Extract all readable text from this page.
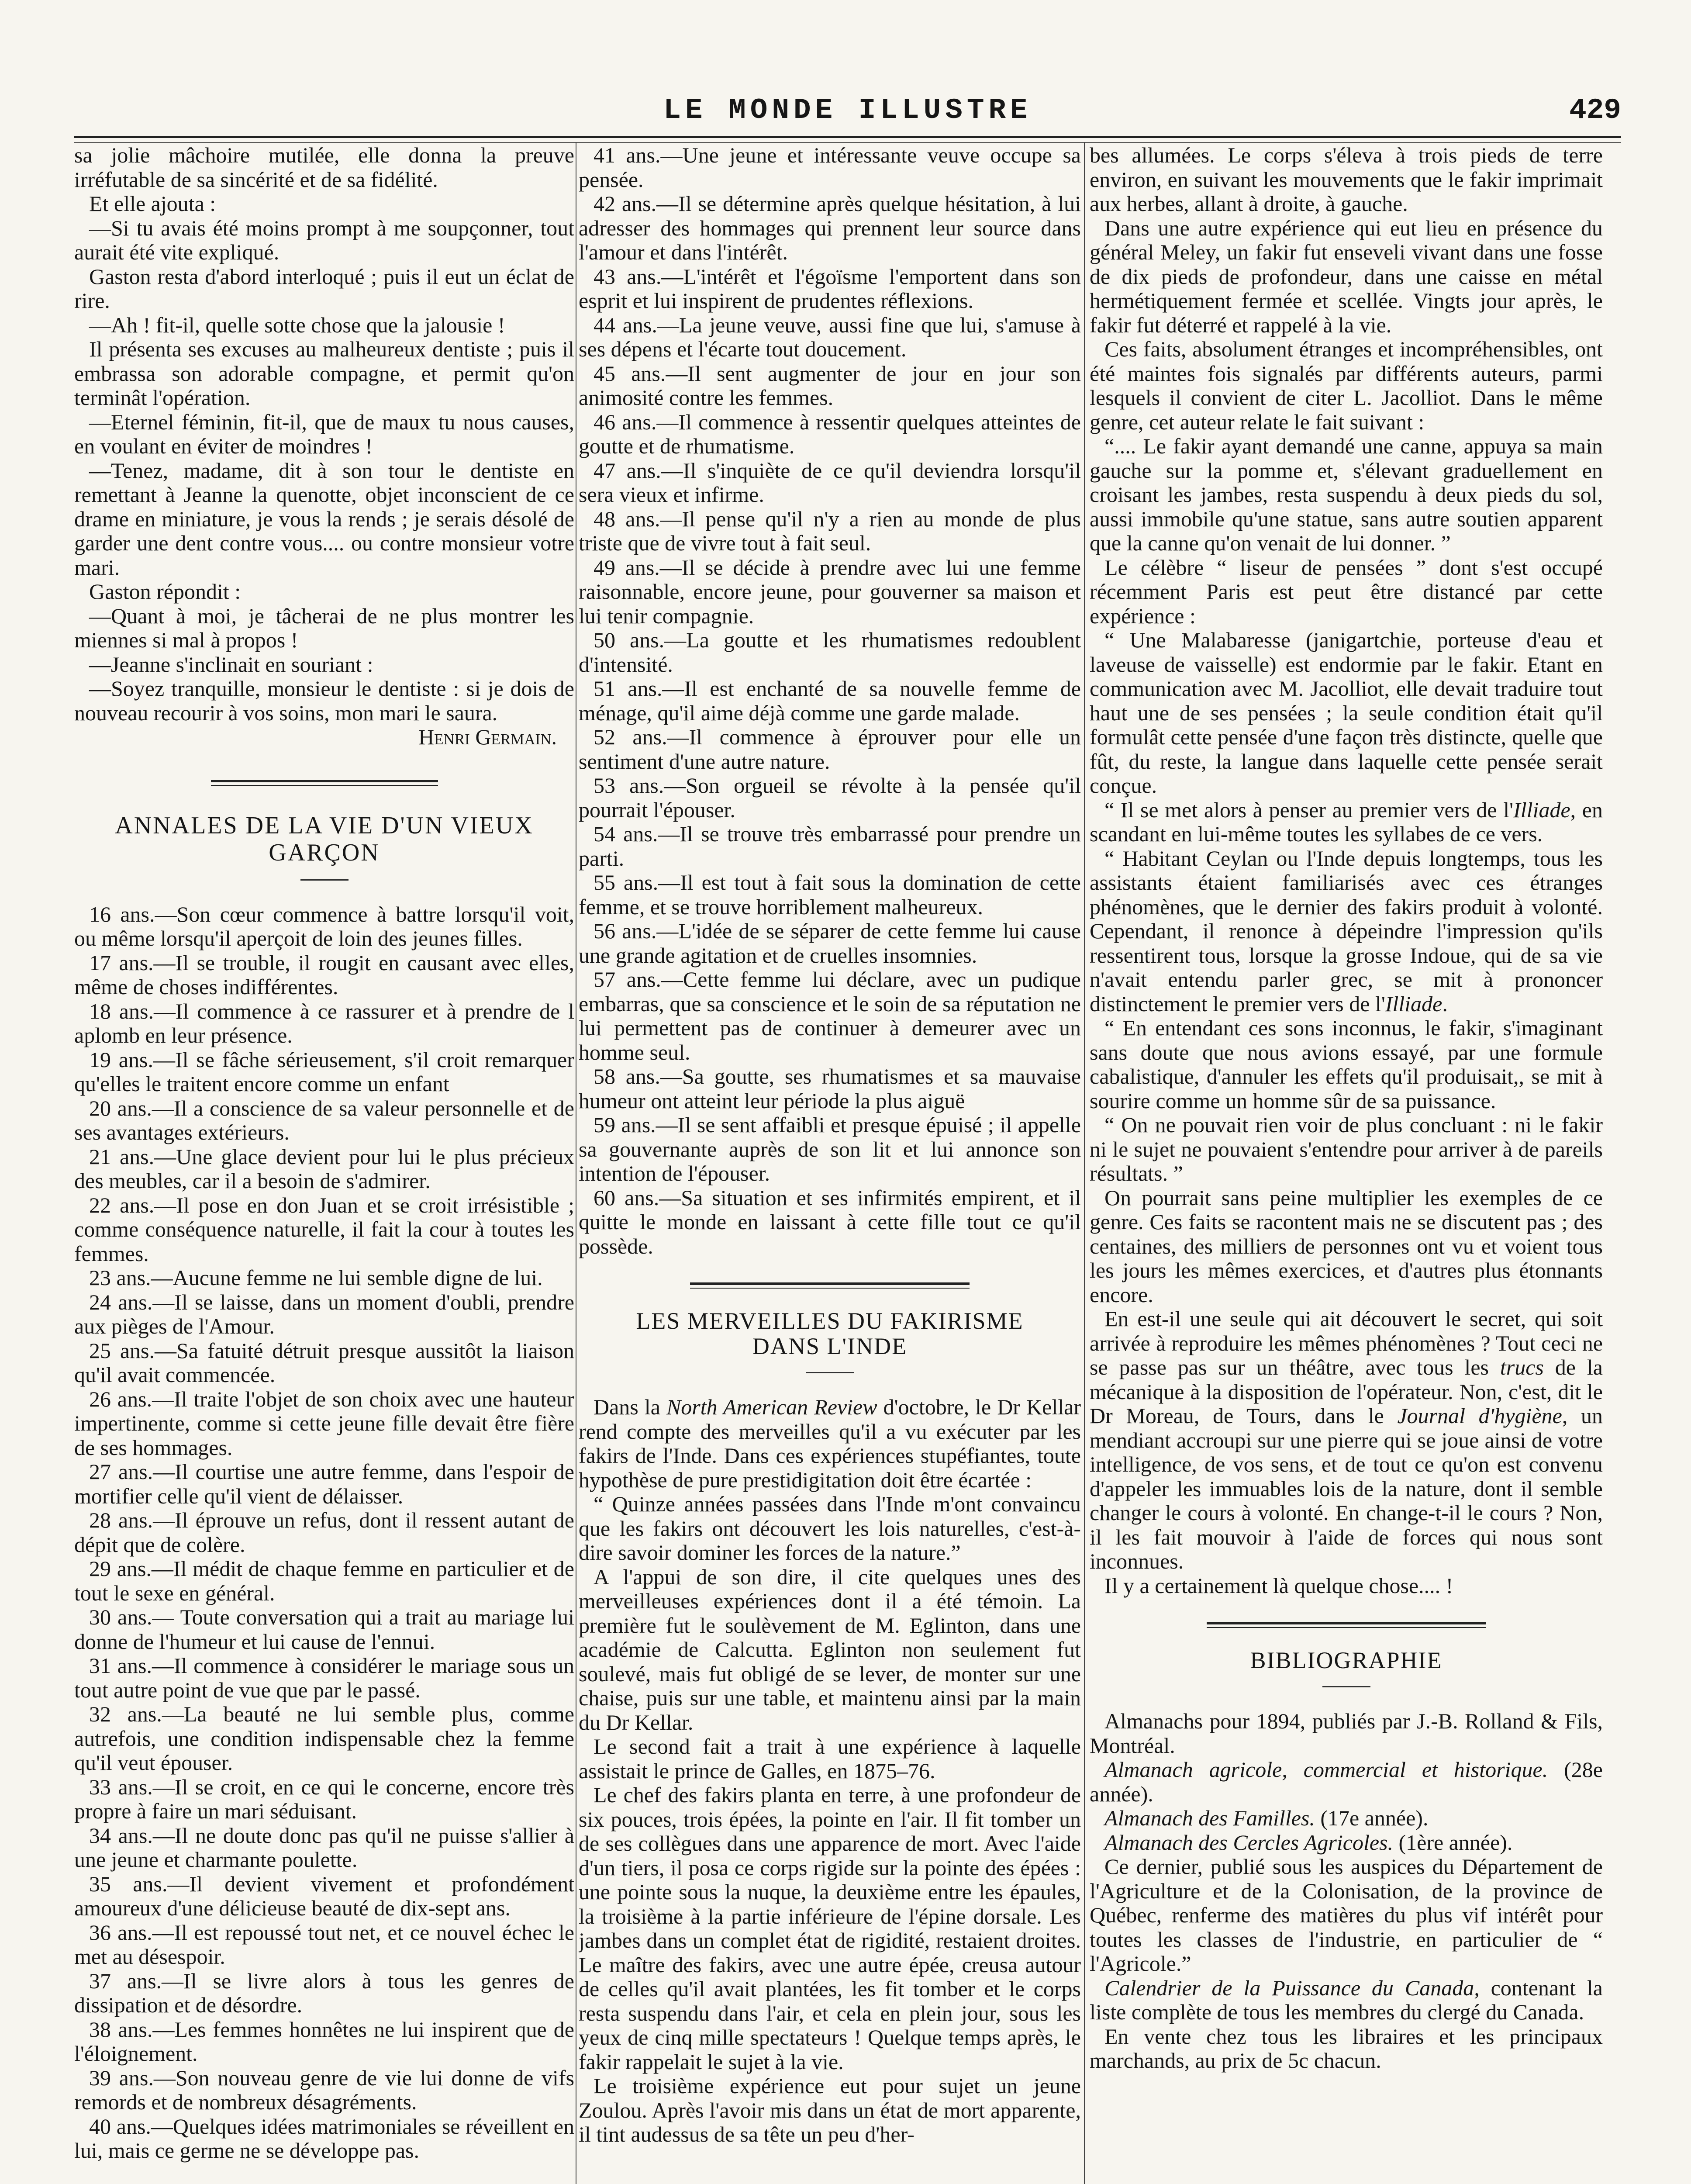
LE MONDE ILLUSTRE	429

sa jolie mâchoire mutilée, elle donna la preuve irréfutable de sa sincérité et de sa fidélité.

Et elle ajouta :

—Si tu avais été moins prompt à me soupçonner, tout aurait été vite expliqué.

Gaston resta d'abord interloqué ; puis il eut un éclat de rire.

—Ah ! fit-il, quelle sotte chose que la jalousie !

Il présenta ses excuses au malheureux dentiste ; puis il embrassa son adorable compagne, et permit qu'on terminât l'opération.

—Eternel féminin, fit-il, que de maux tu nous causes, en voulant en éviter de moindres !

—Tenez, madame, dit à son tour le dentiste en remettant à Jeanne la quenotte, objet inconscient de ce drame en miniature, je vous la rends ; je serais désolé de garder une dent contre vous.... ou contre monsieur votre mari.

Gaston répondit :

—Quant à moi, je tâcherai de ne plus montrer les miennes si mal à propos !

—Jeanne s'inclinait en souriant :

—Soyez tranquille, monsieur le dentiste : si je dois de nouveau recourir à vos soins, mon mari le saura.

Henri Germain.

ANNALES DE LA VIE D'UN VIEUX GARÇON

16 ans.—Son cœur commence à battre lorsqu'il voit, ou même lorsqu'il aperçoit de loin des jeunes filles.

17 ans.—Il se trouble, il rougit en causant avec elles, même de choses indifférentes.

18 ans.—Il commence à ce rassurer et à prendre de l aplomb en leur présence.

19 ans.—Il se fâche sérieusement, s'il croit remarquer qu'elles le traitent encore comme un enfant

20 ans.—Il a conscience de sa valeur personnelle et de ses avantages extérieurs.

21 ans.—Une glace devient pour lui le plus précieux des meubles, car il a besoin de s'admirer.

22 ans.—Il pose en don Juan et se croit irrésistible ; comme conséquence naturelle, il fait la cour à toutes les femmes.

23 ans.—Aucune femme ne lui semble digne de lui.

24 ans.—Il se laisse, dans un moment d'oubli, prendre aux pièges de l'Amour.

25 ans.—Sa fatuité détruit presque aussitôt la liaison qu'il avait commencée.

26 ans.—Il traite l'objet de son choix avec une hauteur impertinente, comme si cette jeune fille devait être fière de ses hommages.

27 ans.—Il courtise une autre femme, dans l'espoir de mortifier celle qu'il vient de délaisser.

28 ans.—Il éprouve un refus, dont il ressent autant de dépit que de colère.

29 ans.—Il médit de chaque femme en particulier et de tout le sexe en général.

30 ans.— Toute conversation qui a trait au mariage lui donne de l'humeur et lui cause de l'ennui.

31 ans.—Il commence à considérer le mariage sous un tout autre point de vue que par le passé.

32 ans.—La beauté ne lui semble plus, comme autrefois, une condition indispensable chez la femme qu'il veut épouser.

33 ans.—Il se croit, en ce qui le concerne, encore très propre à faire un mari séduisant.

34 ans.—Il ne doute donc pas qu'il ne puisse s'allier à une jeune et charmante poulette.

35 ans.—Il devient vivement et profondément amoureux d'une délicieuse beauté de dix-sept ans.

36 ans.—Il est repoussé tout net, et ce nouvel échec le met au désespoir.

37 ans.—Il se livre alors à tous les genres de dissipation et de désordre.

38 ans.—Les femmes honnêtes ne lui inspirent que de l'éloignement.

39 ans.—Son nouveau genre de vie lui donne de vifs remords et de nombreux désagréments.

40 ans.—Quelques idées matrimoniales se réveillent en lui, mais ce germe ne se développe pas.

41 ans.—Une jeune et intéressante veuve occupe sa pensée.

42 ans.—Il se détermine après quelque hésitation, à lui adresser des hommages qui prennent leur source dans l'amour et dans l'intérêt.

43 ans.—L'intérêt et l'égoïsme l'emportent dans son esprit et lui inspirent de prudentes réflexions.

44 ans.—La jeune veuve, aussi fine que lui, s'amuse à ses dépens et l'écarte tout doucement.

45 ans.—Il sent augmenter de jour en jour son animosité contre les femmes.

46 ans.—Il commence à ressentir quelques atteintes de goutte et de rhumatisme.

47 ans.—Il s'inquiète de ce qu'il deviendra lorsqu'il sera vieux et infirme.

48 ans.—Il pense qu'il n'y a rien au monde de plus triste que de vivre tout à fait seul.

49 ans.—Il se décide à prendre avec lui une femme raisonnable, encore jeune, pour gouverner sa maison et lui tenir compagnie.

50 ans.—La goutte et les rhumatismes redoublent d'intensité.

51 ans.—Il est enchanté de sa nouvelle femme de ménage, qu'il aime déjà comme une garde malade.

52 ans.—Il commence à éprouver pour elle un sentiment d'une autre nature.

53 ans.—Son orgueil se révolte à la pensée qu'il pourrait l'épouser.

54 ans.—Il se trouve très embarrassé pour prendre un parti.

55 ans.—Il est tout à fait sous la domination de cette femme, et se trouve horriblement malheureux.

56 ans.—L'idée de se séparer de cette femme lui cause une grande agitation et de cruelles insomnies.

57 ans.—Cette femme lui déclare, avec un pudique embarras, que sa conscience et le soin de sa réputation ne lui permettent pas de continuer à demeurer avec un homme seul.

58 ans.—Sa goutte, ses rhumatismes et sa mauvaise humeur ont atteint leur période la plus aiguë

59 ans.—Il se sent affaibli et presque épuisé ; il appelle sa gouvernante auprès de son lit et lui annonce son intention de l'épouser.

60 ans.—Sa situation et ses infirmités empirent, et il quitte le monde en laissant à cette fille tout ce qu'il possède.

LES MERVEILLES DU FAKIRISME
DANS L'INDE

Dans la North American Review d'octobre, le Dr Kellar rend compte des merveilles qu'il a vu exécuter par les fakirs de l'Inde. Dans ces expériences stupéfiantes, toute hypothèse de pure prestidigitation doit être écartée :

“ Quinze années passées dans l'Inde m'ont convaincu que les fakirs ont découvert les lois naturelles, c'est-à-dire savoir dominer les forces de la nature.”

A l'appui de son dire, il cite quelques unes des merveilleuses expériences dont il a été témoin. La première fut le soulèvement de M. Eglinton, dans une académie de Calcutta. Eglinton non seulement fut soulevé, mais fut obligé de se lever, de monter sur une chaise, puis sur une table, et maintenu ainsi par la main du Dr Kellar.

Le second fait a trait à une expérience à laquelle assistait le prince de Galles, en 1875–76.

Le chef des fakirs planta en terre, à une profondeur de six pouces, trois épées, la pointe en l'air. Il fit tomber un de ses collègues dans une apparence de mort. Avec l'aide d'un tiers, il posa ce corps rigide sur la pointe des épées : une pointe sous la nuque, la deuxième entre les épaules, la troisième à la partie inférieure de l'épine dorsale. Les jambes dans un complet état de rigidité, restaient droites. Le maître des fakirs, avec une autre épée, creusa autour de celles qu'il avait plantées, les fit tomber et le corps resta suspendu dans l'air, et cela en plein jour, sous les yeux de cinq mille spectateurs ! Quelque temps après, le fakir rappelait le sujet à la vie.

Le troisième expérience eut pour sujet un jeune Zoulou. Après l'avoir mis dans un état de mort apparente, il tint audessus de sa tête un peu d'her-

bes allumées. Le corps s'éleva à trois pieds de terre environ, en suivant les mouvements que le fakir imprimait aux herbes, allant à droite, à gauche.

Dans une autre expérience qui eut lieu en présence du général Meley, un fakir fut enseveli vivant dans une fosse de dix pieds de profondeur, dans une caisse en métal hermétiquement fermée et scellée. Vingts jour après, le fakir fut déterré et rappelé à la vie.

Ces faits, absolument étranges et incompréhensibles, ont été maintes fois signalés par différents auteurs, parmi lesquels il convient de citer L. Jacolliot. Dans le même genre, cet auteur relate le fait suivant :

“.... Le fakir ayant demandé une canne, appuya sa main gauche sur la pomme et, s'élevant graduellement en croisant les jambes, resta suspendu à deux pieds du sol, aussi immobile qu'une statue, sans autre soutien apparent que la canne qu'on venait de lui donner. ”

Le célèbre “ liseur de pensées ” dont s'est occupé récemment Paris est peut être distancé par cette expérience :

“ Une Malabaresse (janigartchie, porteuse d'eau et laveuse de vaisselle) est endormie par le fakir. Etant en communication avec M. Jacolliot, elle devait traduire tout haut une de ses pensées ; la seule condition était qu'il formulât cette pensée d'une façon très distincte, quelle que fût, du reste, la langue dans laquelle cette pensée serait conçue.

“ Il se met alors à penser au premier vers de l'Illiade, en scandant en lui-même toutes les syllabes de ce vers.

“ Habitant Ceylan ou l'Inde depuis longtemps, tous les assistants étaient familiarisés avec ces étranges phénomènes, que le dernier des fakirs produit à volonté. Cependant, il renonce à dépeindre l'impression qu'ils ressentirent tous, lorsque la grosse Indoue, qui de sa vie n'avait entendu parler grec, se mit à prononcer distinctement le premier vers de l'Illiade.

“ En entendant ces sons inconnus, le fakir, s'imaginant sans doute que nous avions essayé, par une formule cabalistique, d'annuler les effets qu'il produisait,, se mit à sourire comme un homme sûr de sa puissance.

“ On ne pouvait rien voir de plus concluant : ni le fakir ni le sujet ne pouvaient s'entendre pour arriver à de pareils résultats. ”

On pourrait sans peine multiplier les exemples de ce genre. Ces faits se racontent mais ne se discutent pas ; des centaines, des milliers de personnes ont vu et voient tous les jours les mêmes exercices, et d'autres plus étonnants encore.

En est-il une seule qui ait découvert le secret, qui soit arrivée à reproduire les mêmes phénomènes ? Tout ceci ne se passe pas sur un théâtre, avec tous les trucs de la mécanique à la disposition de l'opérateur. Non, c'est, dit le Dr Moreau, de Tours, dans le Journal d'hygiène, un mendiant accroupi sur une pierre qui se joue ainsi de votre intelligence, de vos sens, et de tout ce qu'on est convenu d'appeler les immuables lois de la nature, dont il semble changer le cours à volonté. En change-t-il le cours ? Non, il les fait mouvoir à l'aide de forces qui nous sont inconnues.

Il y a certainement là quelque chose.... !

BIBLIOGRAPHIE

Almanachs pour 1894, publiés par J.-B. Rolland & Fils, Montréal.

Almanach agricole, commercial et historique. (28e année).

Almanach des Familles. (17e année).

Almanach des Cercles Agricoles. (1ère année).

Ce dernier, publié sous les auspices du Département de l'Agriculture et de la Colonisation, de la province de Québec, renferme des matières du plus vif intérêt pour toutes les classes de l'industrie, en particulier de “ l'Agricole.”

Calendrier de la Puissance du Canada, contenant la liste complète de tous les membres du clergé du Canada.

En vente chez tous les libraires et les principaux marchands, au prix de 5c chacun.
